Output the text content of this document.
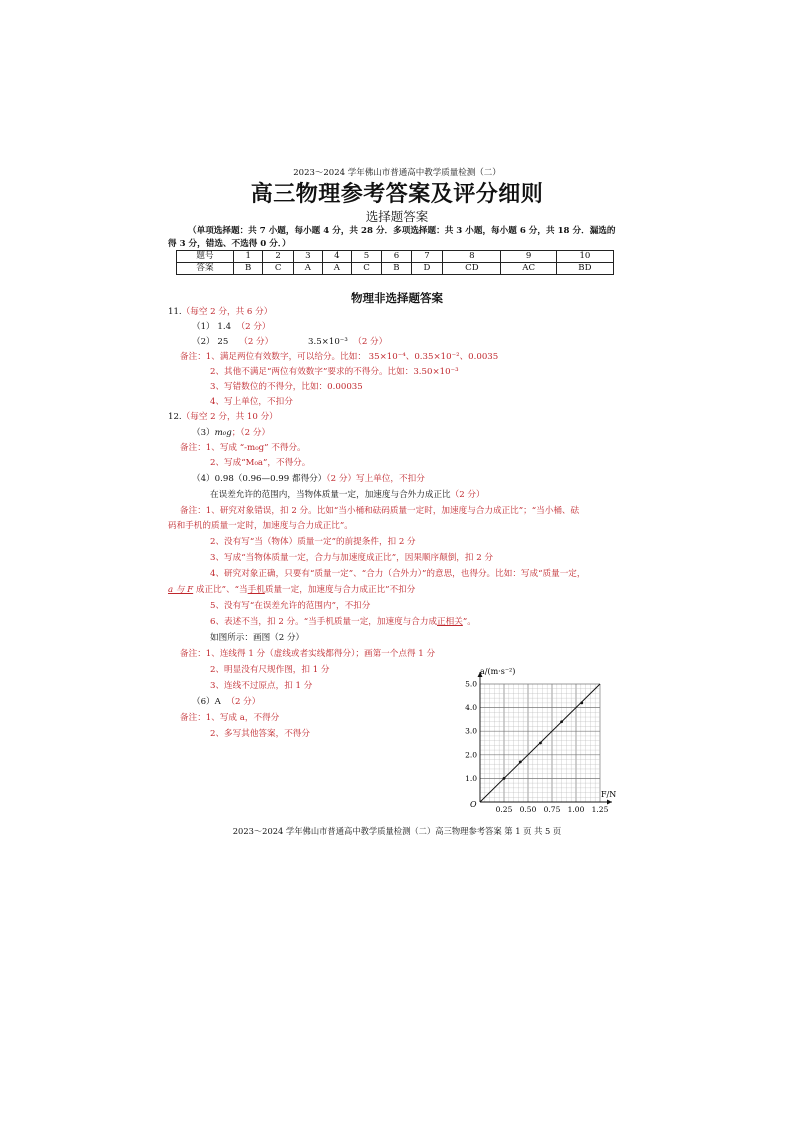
2023～2024 学年佛山市普通高中教学质量检测（二）
高三物理参考答案及评分细则
选择题答案
（单项选择题：共 7 小题，每小题 4 分，共 28 分．多项选择题：共 3 小题，每小题 6 分，共 18 分．漏选的得 3 分，错选、不选得 0 分．）
题号	1	2	3	4	5	6	7	8	9	10
答案	B	C	A	A	C	B	D	CD	AC	BD
物理非选择题答案
11.（每空 2 分，共 6 分）
（1） 1.4 （2 分）
（2） 25 （2 分）	3.5×10⁻³ （2 分）
备注：1、满足两位有效数字，可以给分。比如： 35×10⁻⁴、0.35×10⁻²、0.0035
2、其他不满足“两位有效数字”要求的不得分。比如：3.50×10⁻³
3、写错数位的不得分，比如：0.00035
4、写上单位，不扣分
12.（每空 2 分，共 10 分）
（3）m₀g；（2 分）
备注：1、写成 “-m₀g” 不得分。
2、写成“M₀a”，不得分。
（4）0.98（0.96—0.99 都得分）（2 分）写上单位，不扣分
在误差允许的范围内，当物体质量一定，加速度与合外力成正比（2 分）
备注：1、研究对象错误，扣 2 分。比如“当小桶和砝码质量一定时，加速度与合力成正比”；“当小桶、砝
码和手机的质量一定时，加速度与合力成正比”。
2、没有写“当（物体）质量一定”的前提条件，扣 2 分
3、写成“当物体质量一定，合力与加速度成正比”，因果顺序颠倒，扣 2 分
4、研究对象正确，只要有“质量一定”、“合力（合外力）”的意思，也得分。比如：写成“质量一定，
a 与 F 成正比”、“当手机质量一定，加速度与合力成正比”不扣分
5、没有写“在误差允许的范围内”，不扣分
6、表述不当，扣 2 分。“当手机质量一定，加速度与合力成正相关”。
如图所示：画图（2 分）
备注：1、连线得 1 分（虚线或者实线都得分）；画第一个点得 1 分
2、明显没有尺规作图，扣 1 分
3、连线不过原点，扣 1 分
（6）A （2 分）
备注：1、写成 a，不得分
2、多写其他答案，不得分
0.25 0.50 0.75 1.00 1.25
1.0
2.0
3.0
4.0
5.0
a/(m·s⁻²)
F/N
O
2023～2024 学年佛山市普通高中教学质量检测（二）高三物理参考答案 第 1 页 共 5 页
